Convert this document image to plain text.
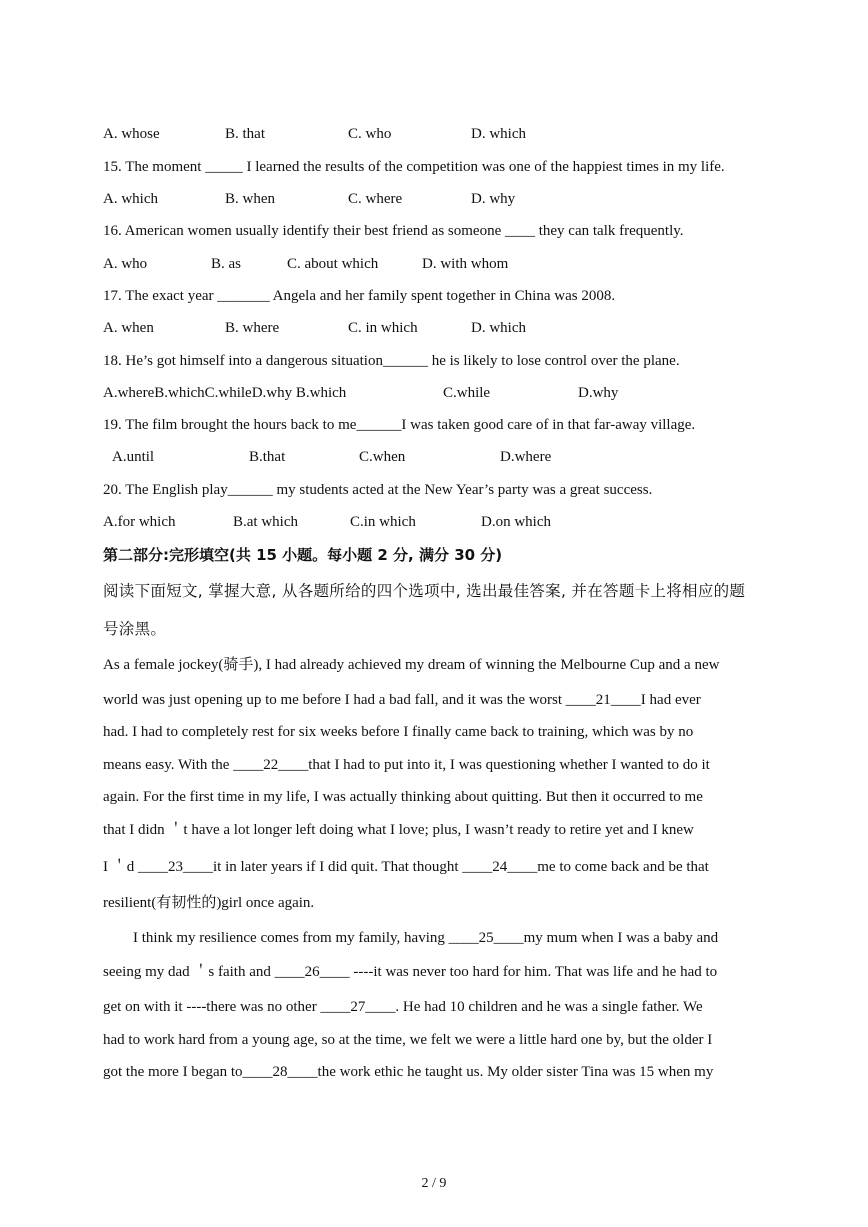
A. whose	B. that	C. who	D. which
15. The moment _____ I learned the results of the competition was one of the happiest times in my life.
A. which	B. when	C. where	D. why
16. American women usually identify their best friend as someone ____ they can talk frequently.
A. who	B. as	C. about which	D. with whom
17. The exact year _______ Angela and her family spent together in China was 2008.
A. when	B. where	C. in which	D. which
18. He’s got himself into a dangerous situation______ he is likely to lose control over the plane.
A.whereB.whichC.whileD.why B.which	C.while	D.why
19. The film brought the hours back to me______I was taken good care of in that far-away village.
A.until	B.that	C.when	D.where
20. The English play______ my students acted at the New Year’s party was a great success.
A.for which	B.at which	C.in which	D.on which
第二部分:完形填空(共 15 小题。每小题 2 分, 满分 30 分)
阅读下面短文, 掌握大意, 从各题所给的四个选项中, 选出最佳答案, 并在答题卡上将相应的题
号涂黑。
As a female jockey(骑手), I had already achieved my dream of winning the Melbourne Cup and a new
world was just opening up to me before I had a bad fall, and it was the worst ____21____I had ever
had. I had to completely rest for six weeks before I finally came back to training, which was by no
means easy. With the ____22____that I had to put into it, I was questioning whether I wanted to do it
again. For the first time in my life, I was actually thinking about quitting. But then it occurred to me
that I didn ＇t have a lot longer left doing what I love; plus, I wasn’t ready to retire yet and I knew
I ＇d ____23____it in later years if I did quit. That thought ____24____me to come back and be that
resilient(有韧性的)girl once again.
　　I think my resilience comes from my family, having ____25____my mum when I was a baby and
seeing my dad ＇s faith and ____26____ ----it was never too hard for him. That was life and he had to
get on with it ----there was no other ____27____. He had 10 children and he was a single father. We
had to work hard from a young age, so at the time, we felt we were a little hard one by, but the older I
got the more I began to____28____the work ethic he taught us. My older sister Tina was 15 when my
2 / 9
